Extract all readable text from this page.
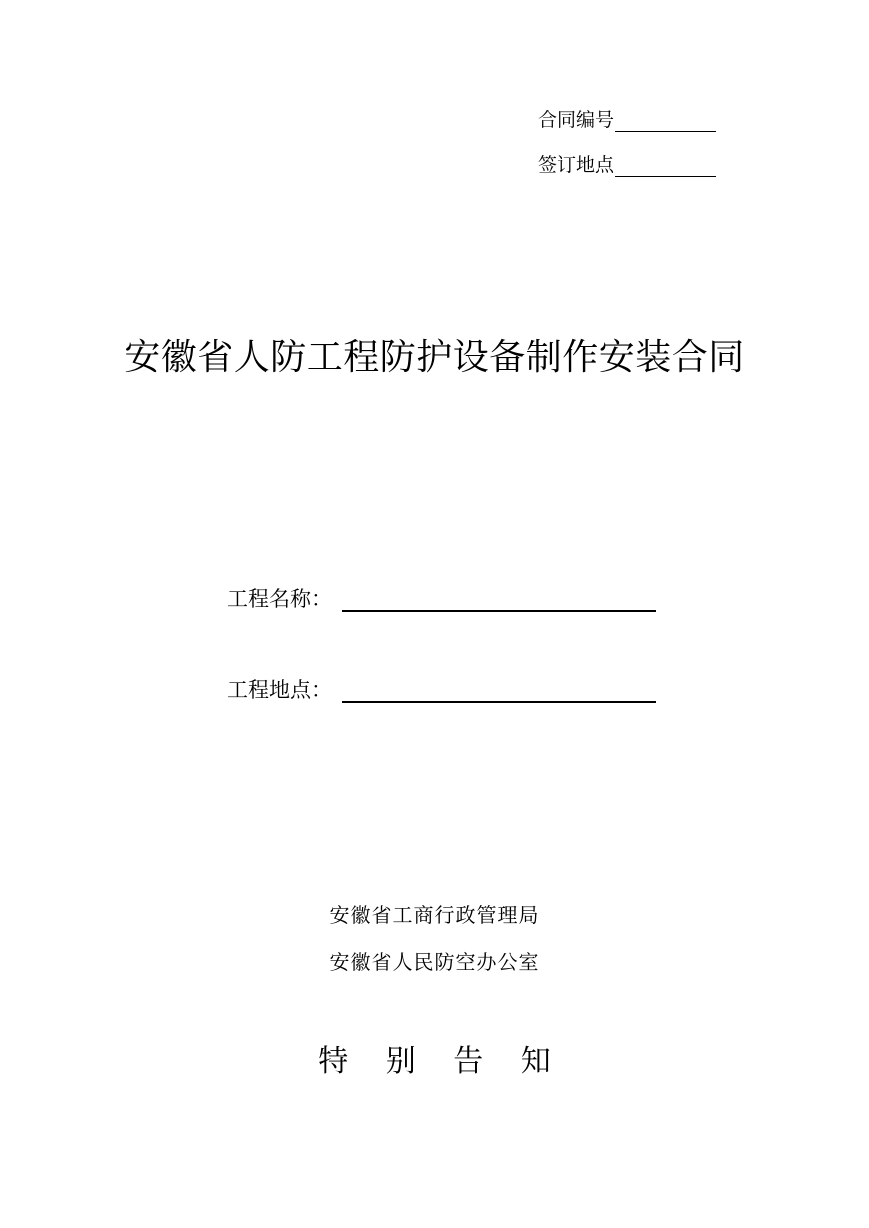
合同编号
签订地点
安徽省人防工程防护设备制作安装合同
工程名称：
工程地点：
安徽省工商行政管理局
安徽省人民防空办公室
特 别 告 知
